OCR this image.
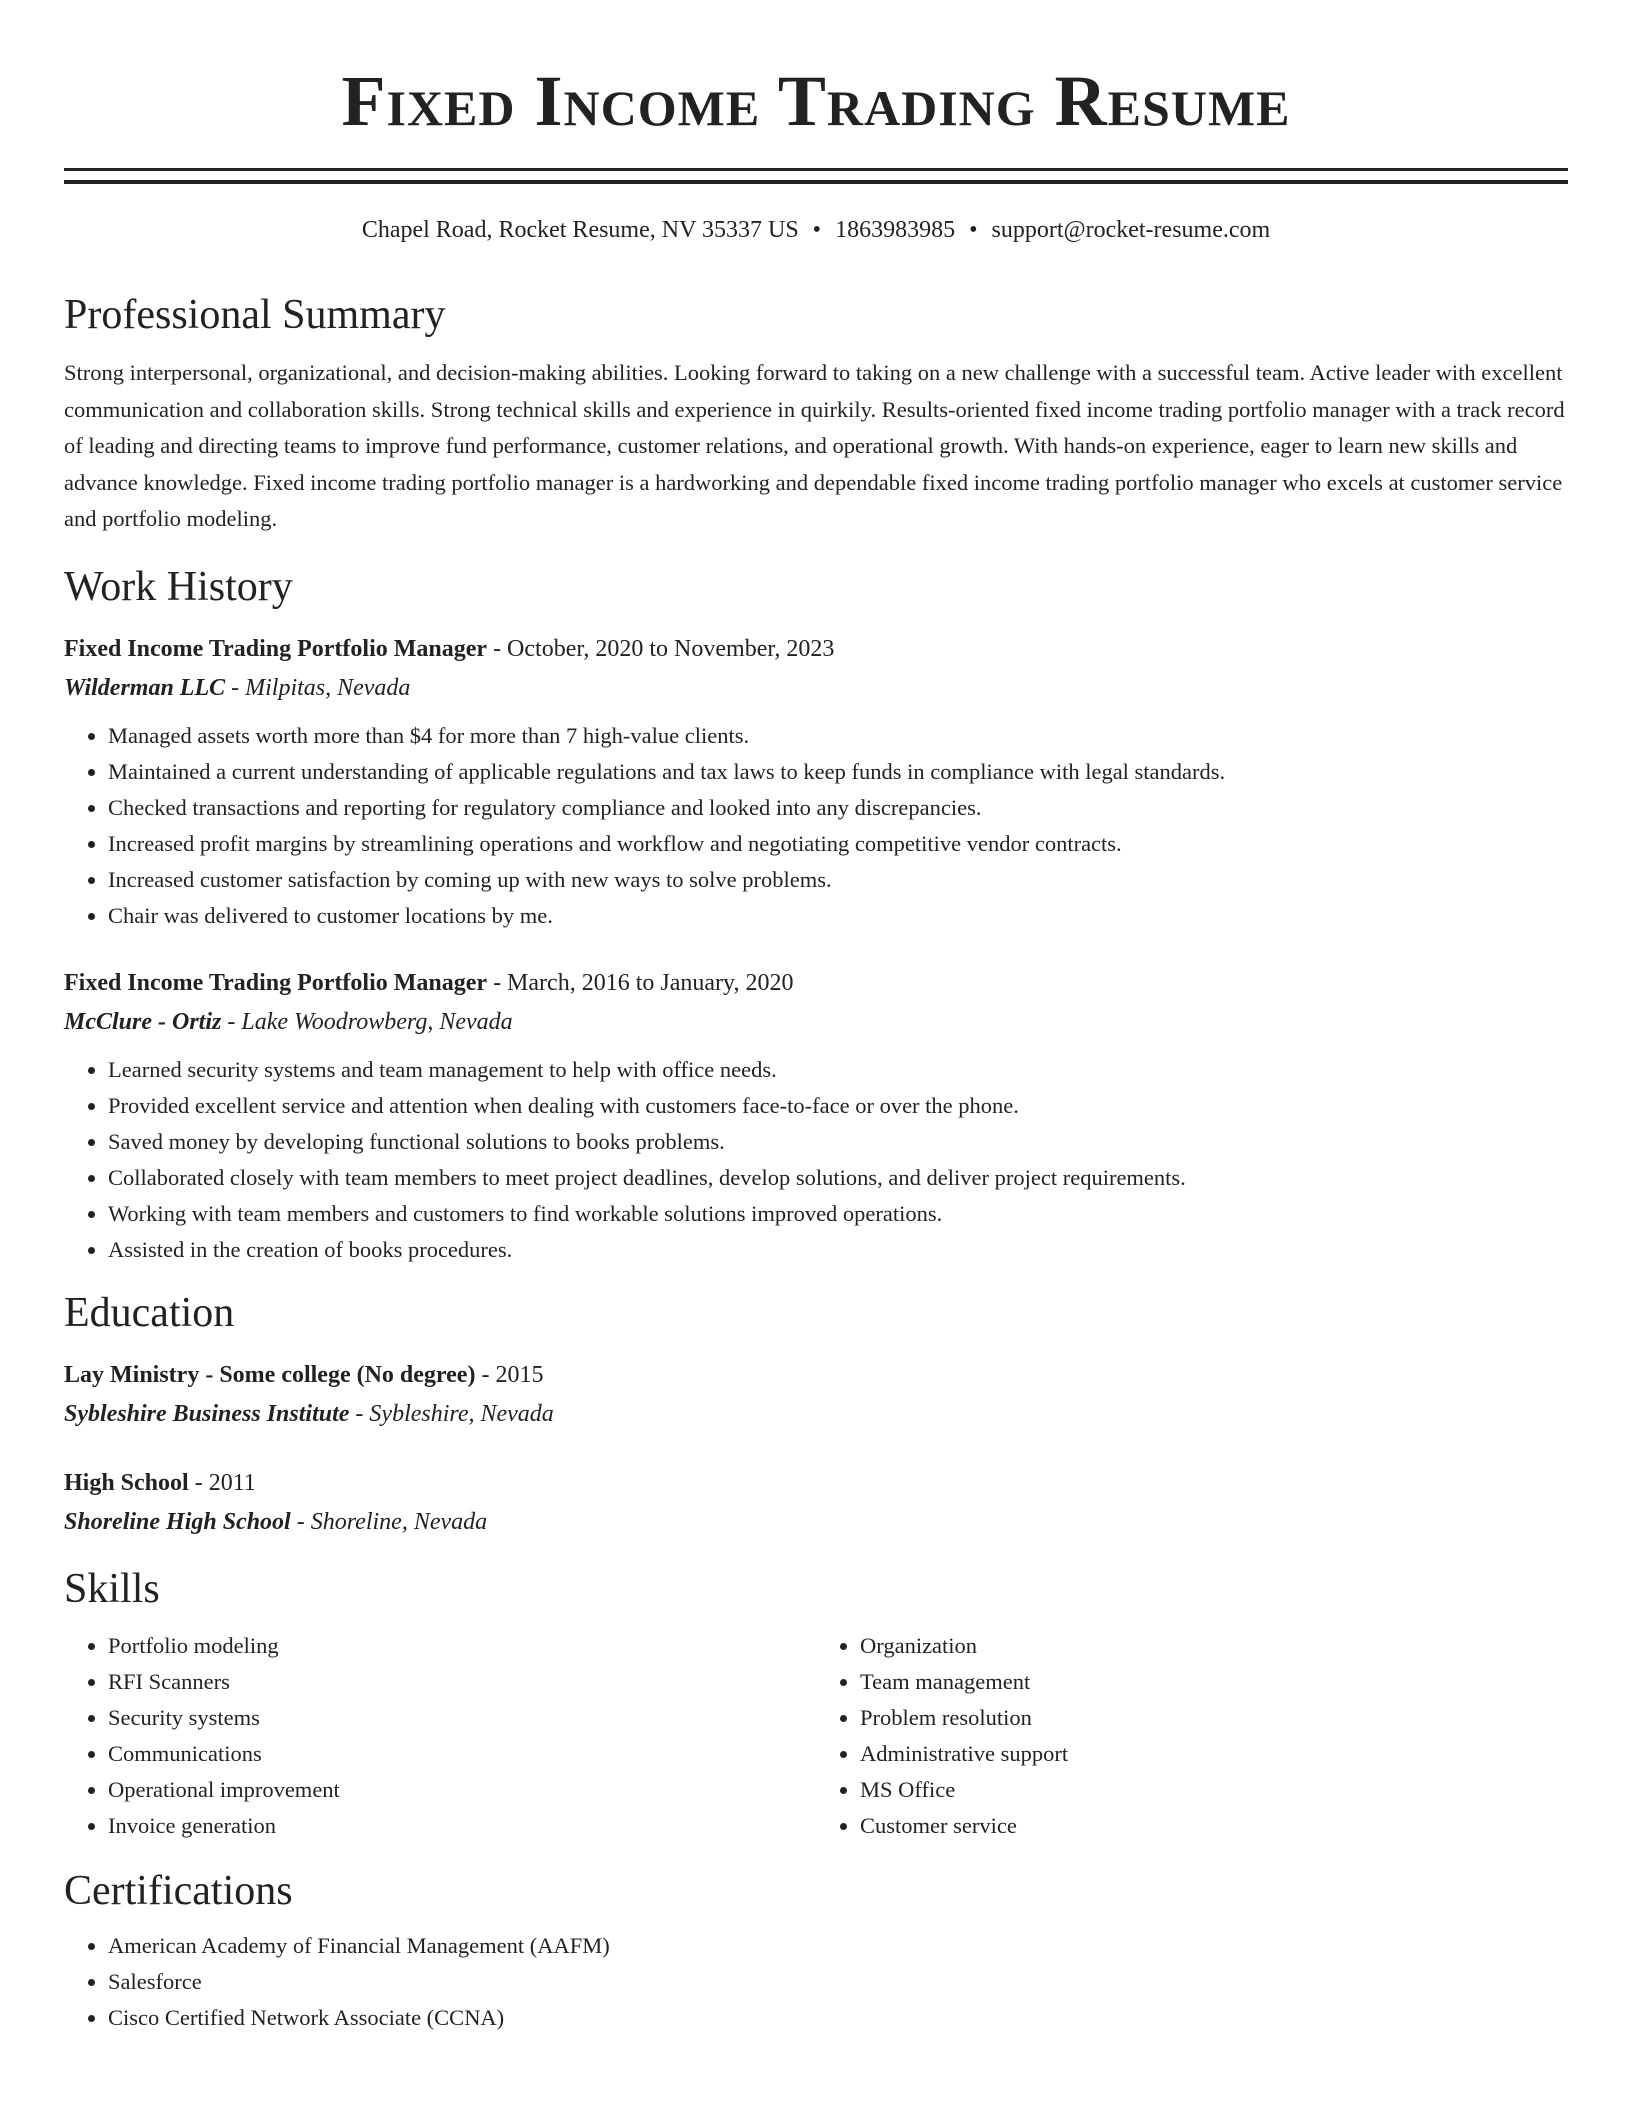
Fixed Income Trading Resume
Chapel Road, Rocket Resume, NV 35337 US • 1863983985 • support@rocket-resume.com
Professional Summary
Strong interpersonal, organizational, and decision-making abilities. Looking forward to taking on a new challenge with a successful team. Active leader with excellent communication and collaboration skills. Strong technical skills and experience in quirkily. Results-oriented fixed income trading portfolio manager with a track record of leading and directing teams to improve fund performance, customer relations, and operational growth. With hands-on experience, eager to learn new skills and advance knowledge. Fixed income trading portfolio manager is a hardworking and dependable fixed income trading portfolio manager who excels at customer service and portfolio modeling.
Work History
Fixed Income Trading Portfolio Manager - October, 2020 to November, 2023
Wilderman LLC - Milpitas, Nevada
• Managed assets worth more than $4 for more than 7 high-value clients.
• Maintained a current understanding of applicable regulations and tax laws to keep funds in compliance with legal standards.
• Checked transactions and reporting for regulatory compliance and looked into any discrepancies.
• Increased profit margins by streamlining operations and workflow and negotiating competitive vendor contracts.
• Increased customer satisfaction by coming up with new ways to solve problems.
• Chair was delivered to customer locations by me.
Fixed Income Trading Portfolio Manager - March, 2016 to January, 2020
McClure - Ortiz - Lake Woodrowberg, Nevada
• Learned security systems and team management to help with office needs.
• Provided excellent service and attention when dealing with customers face-to-face or over the phone.
• Saved money by developing functional solutions to books problems.
• Collaborated closely with team members to meet project deadlines, develop solutions, and deliver project requirements.
• Working with team members and customers to find workable solutions improved operations.
• Assisted in the creation of books procedures.
Education
Lay Ministry - Some college (No degree) - 2015
Sybleshire Business Institute - Sybleshire, Nevada
High School - 2011
Shoreline High School - Shoreline, Nevada
Skills
• Portfolio modeling
• RFI Scanners
• Security systems
• Communications
• Operational improvement
• Invoice generation
• Organization
• Team management
• Problem resolution
• Administrative support
• MS Office
• Customer service
Certifications
• American Academy of Financial Management (AAFM)
• Salesforce
• Cisco Certified Network Associate (CCNA)
